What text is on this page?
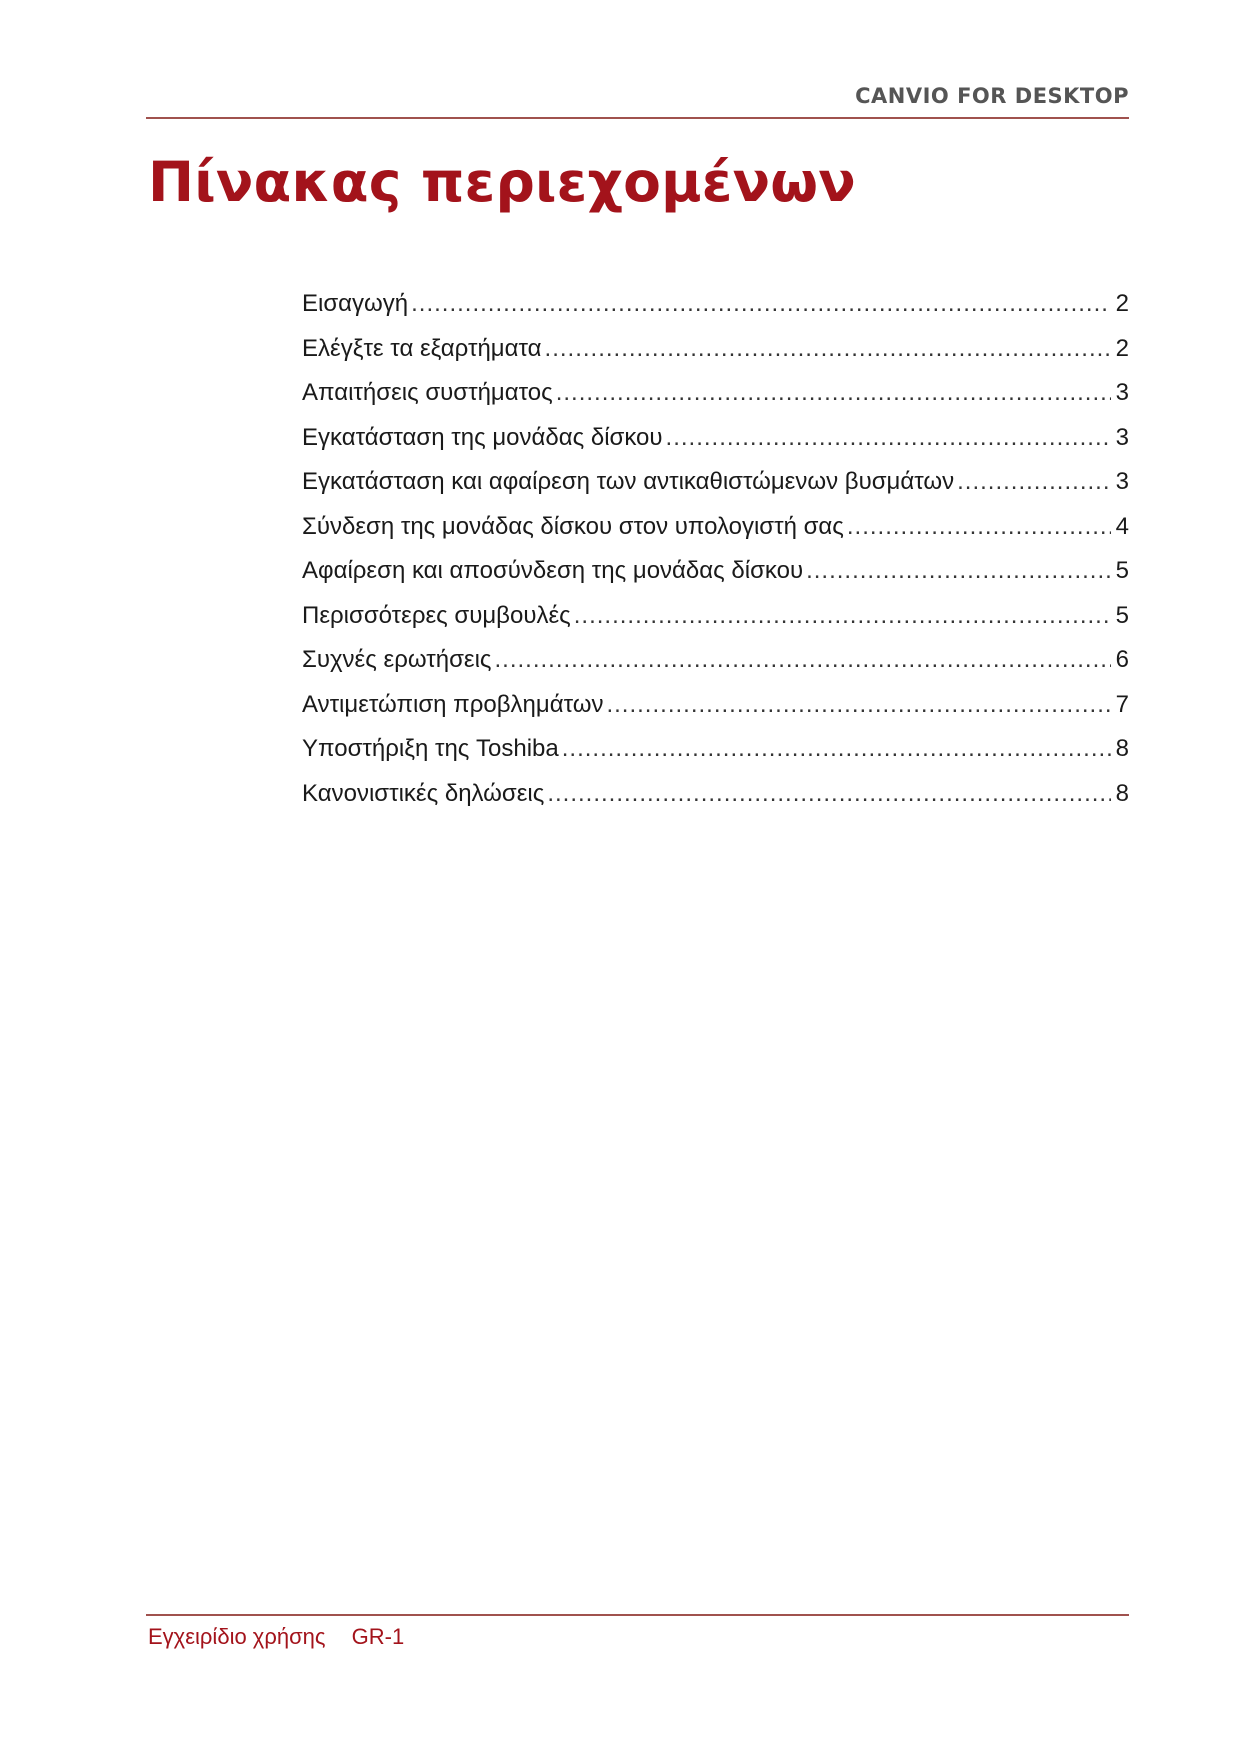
CANVIO FOR DESKTOP
Πίνακας περιεχομένων
Εισαγωγή .....	2
Ελέγξτε τα εξαρτήματα .....	2
Απαιτήσεις συστήματος .....	3
Εγκατάσταση της μονάδας δίσκου .....	3
Εγκατάσταση και αφαίρεση των αντικαθιστώμενων βυσμάτων .....	3
Σύνδεση της μονάδας δίσκου στον υπολογιστή σας .....	4
Αφαίρεση και αποσύνδεση της μονάδας δίσκου .....	5
Περισσότερες συμβουλές .....	5
Συχνές ερωτήσεις .....	6
Αντιμετώπιση προβλημάτων .....	7
Υποστήριξη της Toshiba .....	8
Κανονιστικές δηλώσεις .....	8
Εγχειρίδιο χρήσης GR-1
